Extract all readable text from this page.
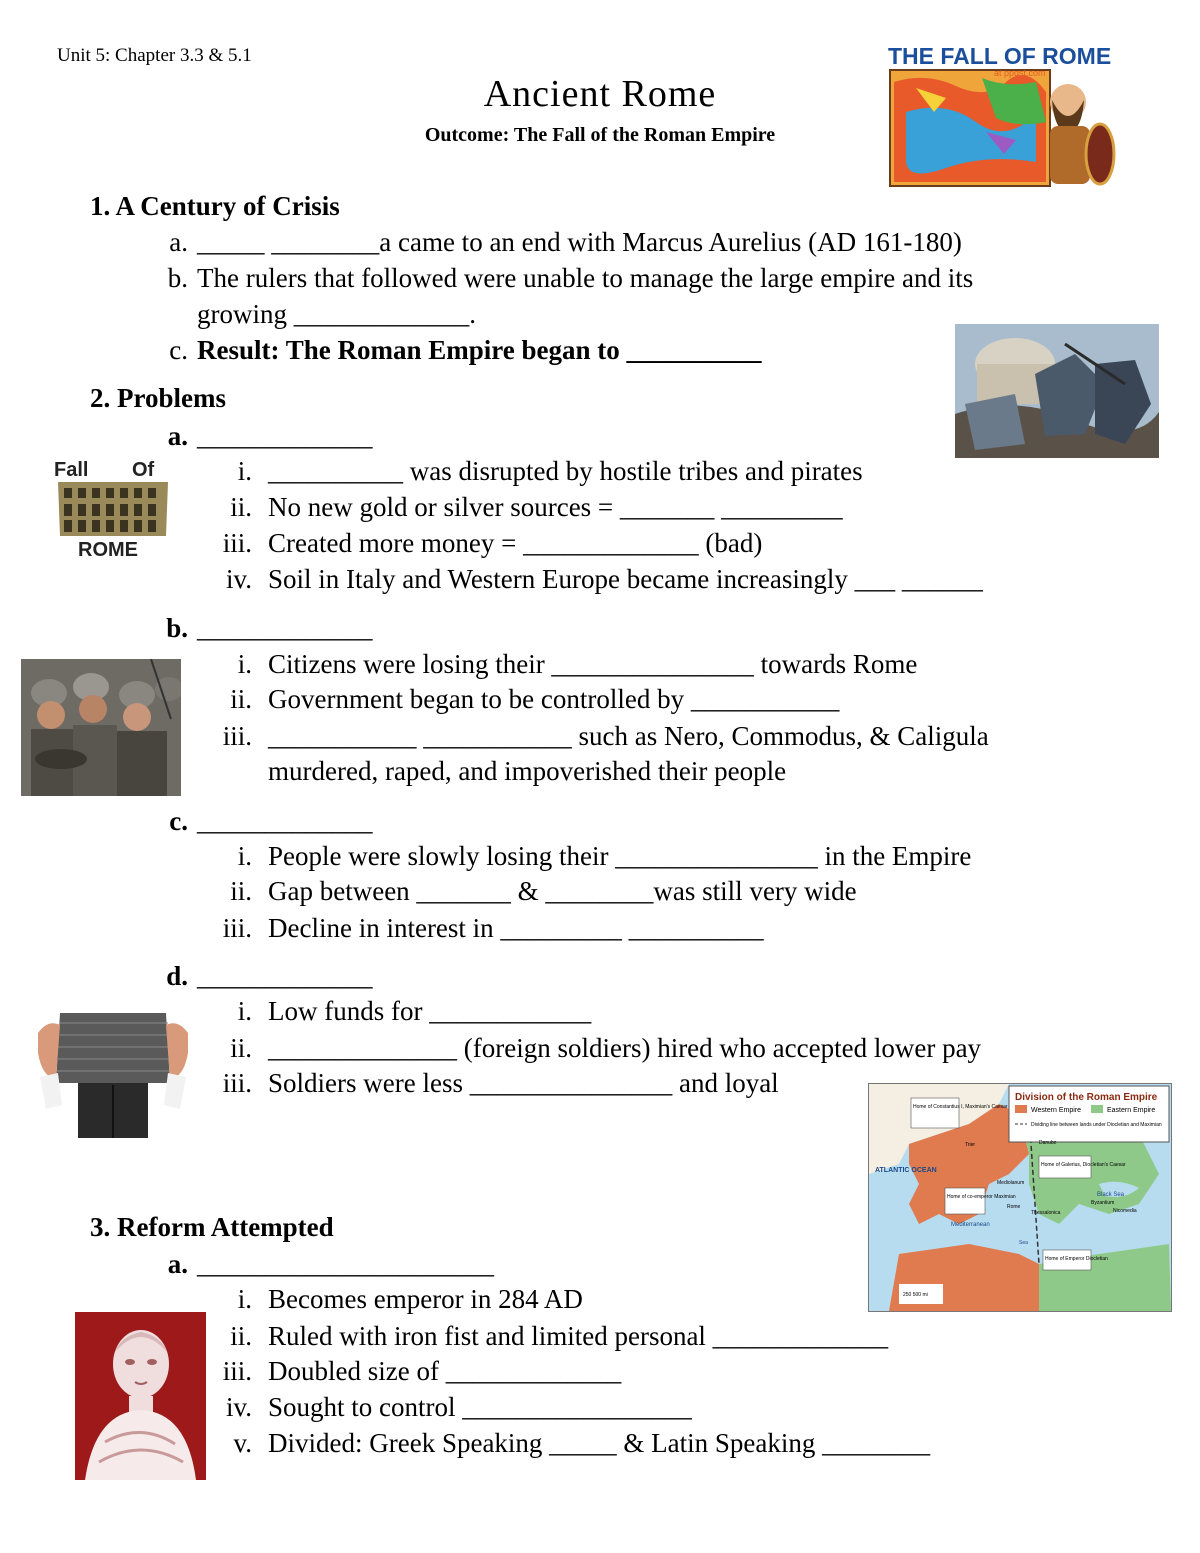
Unit 5: Chapter 3.3 & 5.1
Ancient Rome
Outcome: The Fall of the Roman Empire
THE FALL OF ROME
at ppgst.com
1. A Century of Crisis
a. _____ ________a came to an end with Marcus Aurelius (AD 161-180)
b. The rulers that followed were unable to manage the large empire and its
growing _____________.
c. Result: The Roman Empire began to __________
2. Problems
a. _____________
i. __________ was disrupted by hostile tribes and pirates
ii. No new gold or silver sources = _______ _________
iii. Created more money = _____________ (bad)
iv. Soil in Italy and Western Europe became increasingly ___ ______
Fall Of
ROME
b. _____________
i. Citizens were losing their _______________ towards Rome
ii. Government began to be controlled by ___________
iii. ___________ ___________ such as Nero, Commodus, & Caligula
murdered, raped, and impoverished their people
c. _____________
i. People were slowly losing their _______________ in the Empire
ii. Gap between _______ & ________was still very wide
iii. Decline in interest in _________ __________
d. _____________
i. Low funds for ____________
ii. ______________ (foreign soldiers) hired who accepted lower pay
iii. Soldiers were less _______________ and loyal	Division of the Roman Empire
Western Empire	Eastern Empire
Dividing line between lands under Diocletian and Maximian
Home of Constantius I, Maximian's Caesar
Home of Galerius, Diocletian's Caesar
Home of co-emperor Maximian
Home of Emperor Diocletian
ATLANTIC OCEAN
Black Sea
Mediterranean
Trier
Rome
Mediolanum
Thessalonica	Nicomedia
Byzantium
Danube
Sea
250 500 mi
3. Reform Attempted
a. ______________________
i. Becomes emperor in 284 AD
ii. Ruled with iron fist and limited personal _____________
iii. Doubled size of _____________
iv. Sought to control _________________
v. Divided: Greek Speaking _____ & Latin Speaking ________
